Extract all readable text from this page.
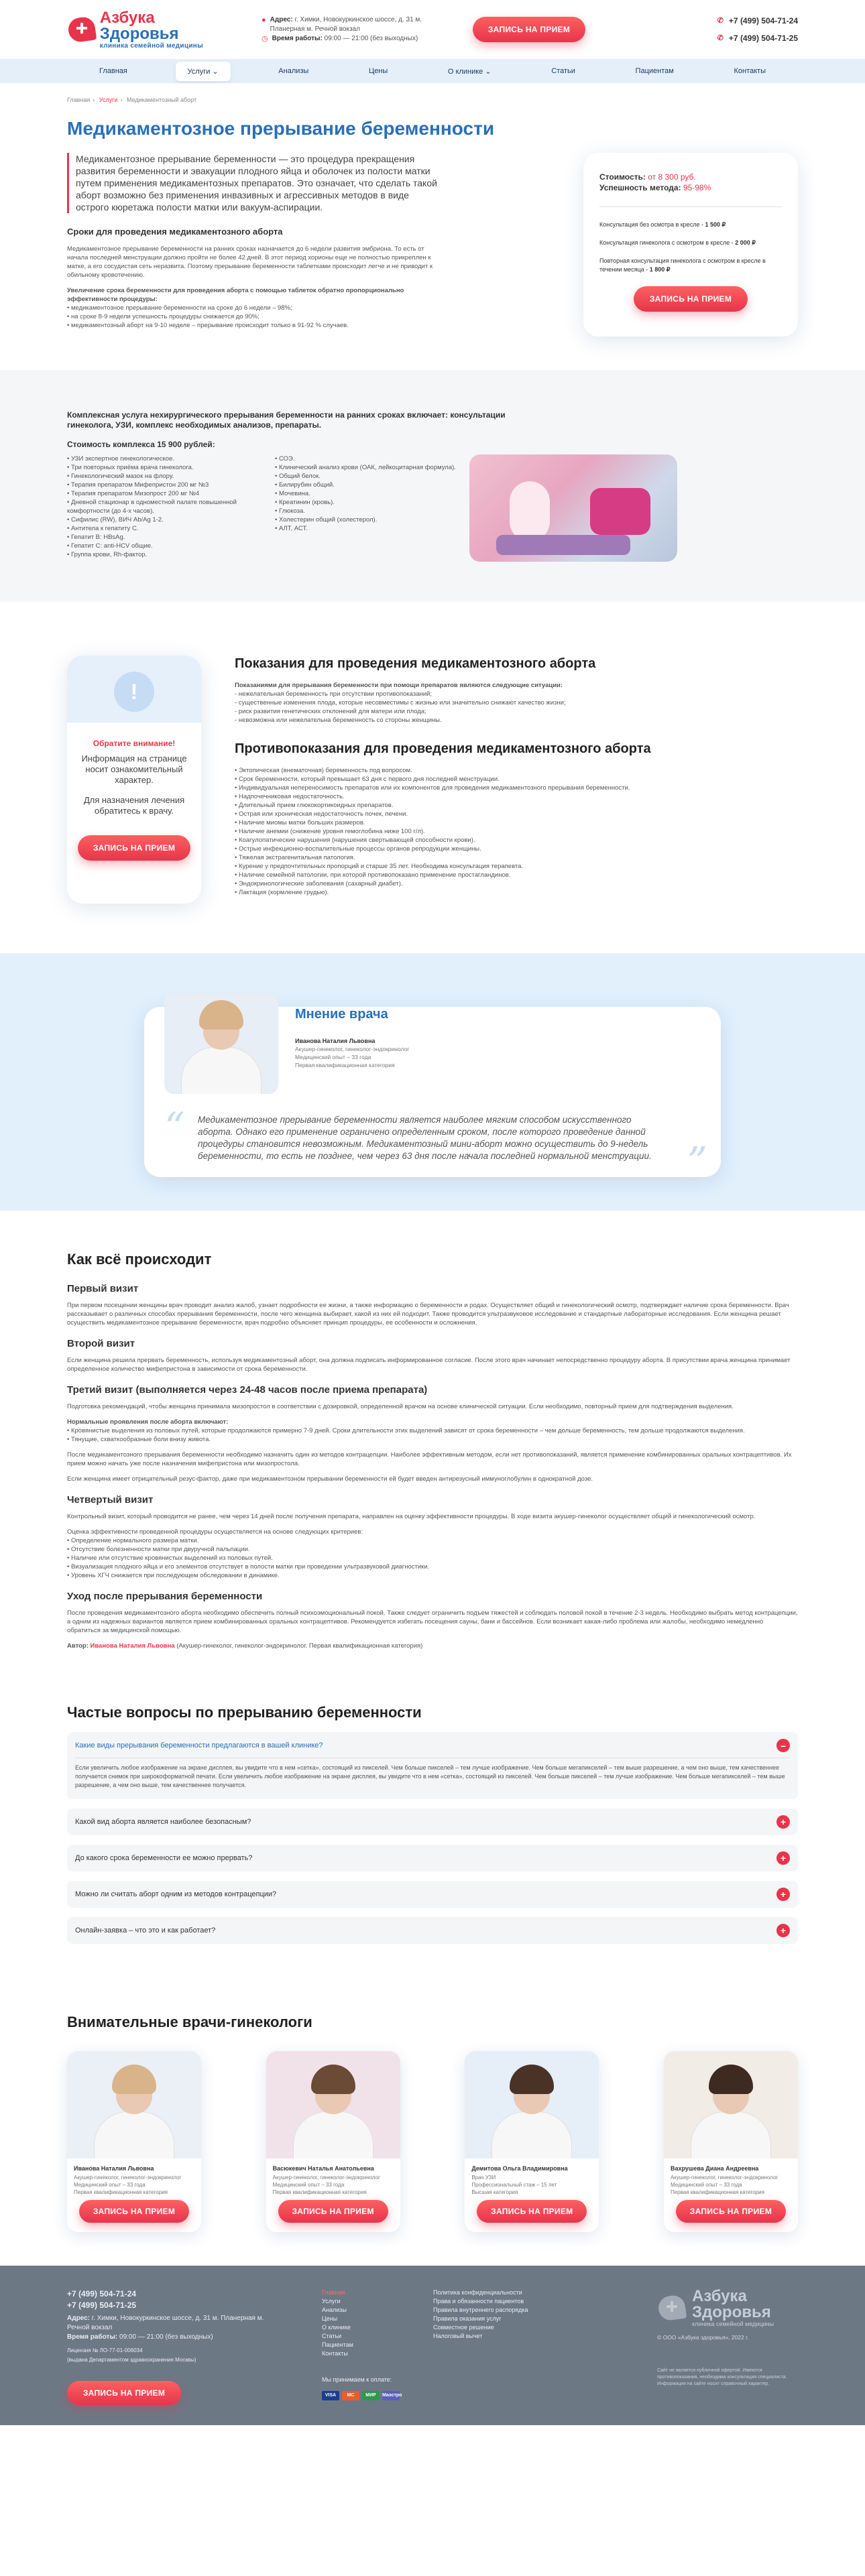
Азбука Здоровья
клиника семейной медицины
● Адрес: г. Химки, Новокуркинское шоссе, д. 31 м. Планерная м. Речной вокзал
◷ Время работы: 09:00 — 21:00 (без выходных)
ЗАПИСЬ НА ПРИЕМ
✆ +7 (499) 504-71-24
✆ +7 (499) 504-71-25
Главная	Услуги ⌄	Анализы	Цены	О клинике ⌄	Статьи	Пациентам	Контакты
Главная › Услуги › Медикаментозный аборт
Медикаментозное прерывание беременности
Медикаментозное прерывание беременности — это процедура прекращения развития беременности и эвакуации плодного яйца и оболочек из полости матки путем применения медикаментозных препаратов. Это означает, что сделать такой аборт возможно без применения инвазивных и агрессивных методов в виде острого кюретажа полости матки или вакуум-аспирации.
Сроки для проведения медикаментозного аборта

Медикаментозное прерывание беременности на ранних сроках назначается до 6 недели развития эмбриона. То есть от начала последней менструации должно пройти не более 42 дней. В этот период хорионы еще не полностью прикреплен к матке, а его сосудистая сеть неразвита. Поэтому прерывание беременности таблетками происходит легче и не приводит к обильному кровотечению.

Увеличение срока беременности для проведения аборта с помощью таблеток обратно пропорционально эффективности процедуры:
• медикаментозное прерывание беременности на сроке до 6 недели – 98%;
• на сроке 8-9 недели успешность процедуры снижается до 90%;
• медикаментозный аборт на 9-10 неделе – прерывание происходит только в 91-92 % случаев.

Стоимость: от 8 300 руб.
Успешность метода: 95-98%
Консультация без осмотра в кресле - 1 500 ₽
Консультация гинеколога с осмотром в кресле - 2 000 ₽
Повторная консультация гинеколога с осмотром в кресле в течении месяца - 1 800 ₽
ЗАПИСЬ НА ПРИЕМ
Комплексная услуга нехирургического прерывания беременности на ранних сроках включает: консультации гинеколога, УЗИ, комплекс необходимых анализов, препараты.
Стоимость комплекса 15 900 рублей:
• УЗИ экспертное гинекологическое.
• Три повторных приёма врача гинеколога.
• Гинекологический мазок на флору.
• Терапия препаратом Мифепристон 200 мг №3
• Терапия препаратом Мизопрост 200 мг №4
• Дневной стационар в одноместной палате повышенной комфортности (до 4-х часов).
• Сифилис (RW), ВИЧ Ab/Ag 1-2.
• Антитела к гепатиту С.
• Гепатит В: HBsAg.
• Гепатит С: anti-HCV общие.
• Группа крови, Rh-фактор.
• СОЭ.
• Клинический анализ крови (ОАК, лейкоцитарная формула).
• Общий белок.
• Билирубин общий.
• Мочевина.
• Креатинин (кровь).
• Глюкоза.
• Холестерин общий (холестерол).
• АЛТ, АСТ.
!
Обратите внимание!
Информация на странице носит ознакомительный характер.
Для назначения лечения обратитесь к врачу.
ЗАПИСЬ НА ПРИЕМ
Показания для проведения медикаментозного аборта
Показаниями для прерывания беременности при помощи препаратов являются следующие ситуации:
- нежелательная беременность при отсутствии противопоказаний;
- существенные изменения плода, которые несовместимы с жизнью или значительно снижают качество жизни;
- риск развития генетических отклонений для матери или плода;
- невозможна или нежелательна беременность со стороны женщины.
Противопоказания для проведения медикаментозного аборта
• Эктопическая (внематочная) беременность под вопросом.
• Срок беременности, который превышает 63 дня с первого дня последней менструации.
• Индивидуальная непереносимость препаратов или их компонентов для проведения медикаментозного прерывания беременности.
• Надпочечниковая недостаточность.
• Длительный прием глюкокортикоидных препаратов.
• Острая или хроническая недостаточность почек, печени.
• Наличие миомы матки больших размеров.
• Наличие анемии (снижение уровня гемоглобина ниже 100 г/л).
• Коагулопатические нарушения (нарушения свертывающей способности крови).
• Острые инфекционно-воспалительные процессы органов репродукции женщины.
• Тяжелая экстрагенитальная патология.
• Курение у предпочтительных пропорций и старше 35 лет. Необходима консультация терапевта.
• Наличие семейной патологии, при которой противопоказано применение простагландинов.
• Эндокринологические заболевания (сахарный диабет).
• Лактация (кормление грудью).
Мнение врача
Иванова Наталия Львовна
Акушер-гинеколог, гинеколог-эндокринолог
Медицинский опыт – 33 года
Первая квалификационная категория
“ Медикаментозное прерывание беременности является наиболее мягким способом искусственного аборта. Однако его применение ограничено определенным сроком, после которого проведение данной процедуры становится невозможным. Медикаментозный мини-аборт можно осуществить до 9-недель беременности, то есть не позднее, чем через 63 дня после начала последней нормальной менструации. ”
Как всё происходит
Первый визит

При первом посещении женщины врач проводит анализ жалоб, узнает подробности ее жизни, а также информацию о беременности и родах. Осуществляет общий и гинекологический осмотр, подтверждает наличие срока беременности. Врач рассказывает о различных способах прерывания беременности, после чего женщина выбирает, какой из них ей подходит. Также проводится ультразвуковое исследование и стандартные лабораторные исследования. Если женщина решает осуществить медикаментозное прерывание беременности, врач подробно объясняет принцип процедуры, ее особенности и осложнения.

Второй визит

Если женщина решила прервать беременность, используя медикаментозный аборт, она должна подписать информированное согласие. После этого врач начинает непосредственно процедуру аборта. В присутствии врача женщина принимает определенное количество мифепристона в зависимости от срока беременности.

Третий визит (выполняется через 24-48 часов после приема препарата)

Подготовка рекомендаций, чтобы женщина принимала мизопростол в соответствии с дозировкой, определенной врачом на основе клинической ситуации. Если необходимо, повторный прием для подтверждения выделения.

Нормальные проявления после аборта включают:
• Кровянистые выделения из половых путей, которые продолжаются примерно 7-9 дней. Сроки длительности этих выделений зависят от срока беременности – чем дольше беременность, тем дольше продолжаются выделения.
• Тянущие, схваткообразные боли внизу живота.

После медикаментозного прерывания беременности необходимо назначить один из методов контрацепции. Наиболее эффективным методом, если нет противопоказаний, является применение комбинированных оральных контрацептивов. Их прием можно начать уже после назначения мифепристона или мизопростола.

Если женщина имеет отрицательный резус-фактор, даже при медикаментозном прерывании беременности ей будет введен антирезусный иммуноглобулин в однократной дозе.

Четвертый визит

Контрольный визит, который проводится не ранее, чем через 14 дней после получения препарата, направлен на оценку эффективности процедуры. В ходе визита акушер-гинеколог осуществляет общий и гинекологический осмотр.

Оценка эффективности проведенной процедуры осуществляется на основе следующих критериев:
• Определение нормального размера матки.
• Отсутствие болезненности матки при двуручной пальпации.
• Наличие или отсутствие кровянистых выделений из половых путей.
• Визуализация плодного яйца и его элементов отсутствует в полости матки при проведении ультразвуковой диагностики.
• Уровень ХГЧ снижается при последующем обследовании в динамике.

Уход после прерывания беременности

После проведения медикаментозного аборта необходимо обеспечить полный психоэмоциональный покой. Также следует ограничить подъем тяжестей и соблюдать половой покой в течение 2-3 недель. Необходимо выбрать метод контрацепции, а одним из надежных вариантов является прием комбинированных оральных контрацептивов. Рекомендуется избегать посещения сауны, бани и бассейнов. Если возникает какая-либо проблема или жалобы, необходимо немедленно обратиться за медицинской помощью.

Автор: Иванова Наталия Львовна (Акушер-гинеколог, гинеколог-эндокринолог. Первая квалификационная категория)

Частые вопросы по прерыванию беременности
Какие виды прерывания беременности предлагаются в вашей клинике?	–
Если увеличить любое изображение на экране дисплея, вы увидите что в нем «сетка», состоящий из пикселей. Чем больше пикселей – тем лучше изображение. Чем больше мегапикселей – тем выше разрешение, а чем оно выше, тем качественнее получается снимок при широкоформатной печати. Если увеличить любое изображение на экране дисплея, вы увидите что в нем «сетка», состоящий из пикселей. Чем больше пикселей – тем лучше изображение. Чем больше мегапикселей – тем выше разрешение, а чем оно выше, тем качественнее получается.
Какой вид аборта является наиболее безопасным?	+
До какого срока беременности ее можно прервать?	+
Можно ли считать аборт одним из методов контрацепции?	+
Онлайн-заявка – что это и как работает?	+
Внимательные врачи-гинекологи
Иванова Наталия Львовна
Акушер-гинеколог, гинеколог-эндокринолог
Медицинский опыт – 33 года
Первая квалификационная категория
ЗАПИСЬ НА ПРИЕМ
Васюкевич Наталья Анатольевна
Акушер-гинеколог, гинеколог-эндокринолог
Медицинский опыт – 33 года
Первая квалификационная категория
ЗАПИСЬ НА ПРИЕМ
Демитова Ольга Владимировна
Врач УЗИ
Профессиональный стаж – 15 лет
Высшая категория
ЗАПИСЬ НА ПРИЕМ
Вахрушева Диана Андреевна
Акушер-гинеколог, гинеколог-эндокринолог
Медицинский опыт – 33 года
Первая квалификационная категория
ЗАПИСЬ НА ПРИЕМ
+7 (499) 504-71-24
+7 (499) 504-71-25
Адрес: г. Химки, Новокуркинское шоссе, д. 31 м. Планерная м. Речной вокзал
Время работы: 09:00 — 21:00 (без выходных)
Лицензия № ЛО-77-01-006034
(выдана Департаментом здравоохранения Москвы)
ЗАПИСЬ НА ПРИЕМ
Главная
Услуги
Анализы
Цены
О клинике
Статьи
Пациентам
Контакты
Мы принимаем к оплате:
VISA	MC	МИР	Маэстро
Политика конфиденциальности
Права и обязанности пациентов
Правила внутреннего распорядка
Правила оказания услуг
Совместное решение
Налоговый вычет
Азбука
Здоровья
клиника семейной медицины
© ООО «Азбука здоровья», 2022 г.
Сайт не является публичной офертой. Имеются противопоказания, необходима консультация специалиста. Информация на сайте носит справочный характер.
